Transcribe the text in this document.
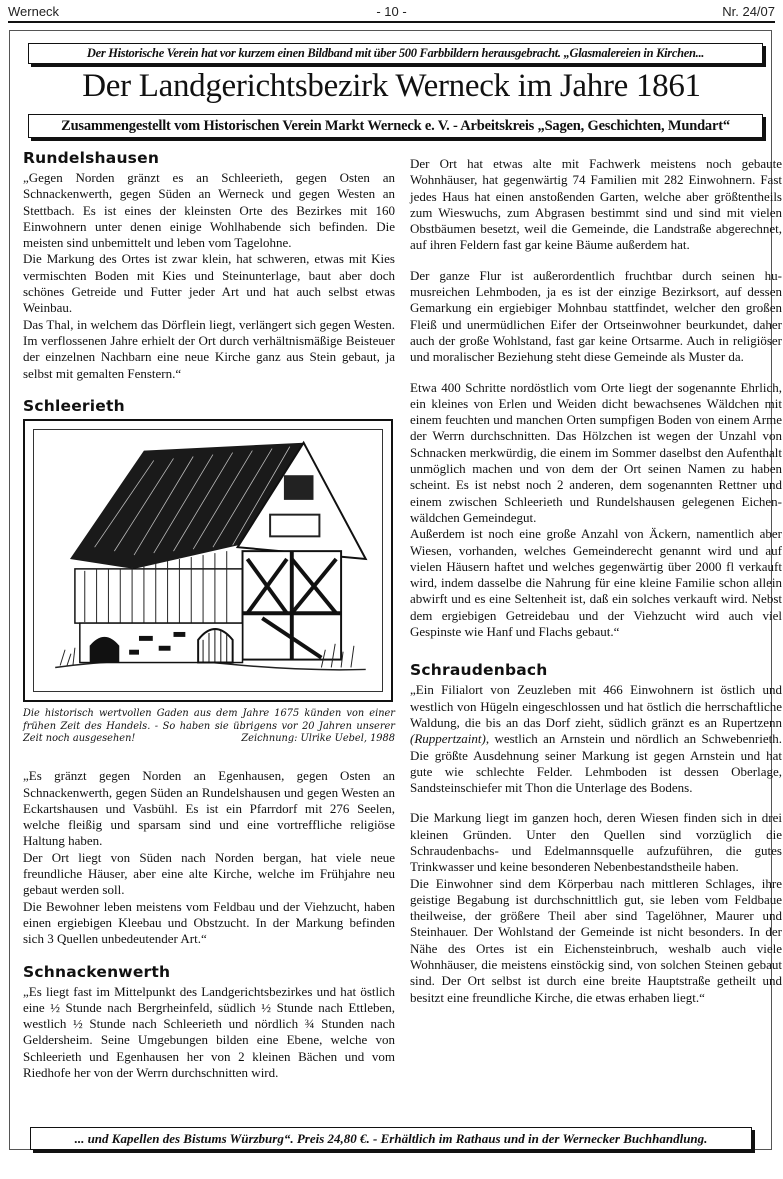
Werneck	- 10 -	Nr. 24/07
Der Historische Verein hat vor kurzem einen Bildband mit über 500 Farbbildern herausgebracht. „Glasmalereien in Kirchen...
Der Landgerichtsbezirk Werneck im Jahre 1861
Zusammengestellt vom Historischen Verein Markt Werneck e. V. - Arbeitskreis „Sagen, Geschichten, Mundart“
Rundelshausen

„Gegen Norden gränzt es an Schleerieth, gegen Osten an Schnackenwerth, gegen Süden an Werneck und gegen Westen an Stettbach. Es ist eines der kleinsten Orte des Bezirkes mit 160 Einwohnern unter denen einige Wohlhabende sich befinden. Die meisten sind unbemittelt und leben vom Tagelohne.

Die Markung des Ortes ist zwar klein, hat schweren, etwas mit Kies vermischten Boden mit Kies und Steinunterlage, baut aber doch schönes Getreide und Futter jeder Art und hat auch selbst etwas Weinbau.

Das Thal, in welchem das Dörflein liegt, verlängert sich gegen Westen. Im verflossenen Jahre erhielt der Ort durch verhältnismäßige Beisteuer der einzelnen Nachbarn eine neue Kirche ganz aus Stein gebaut, ja selbst mit gemalten Fenstern.“

Schleerieth
Die historisch wertvollen Gaden aus dem Jahre 1675 künden von einer frühen Zeit des Handels. - So haben sie übrigens vor 20 Jahren unserer Zeit noch ausgesehen!	Zeichnung: Ulrike Uebel, 1988

„Es gränzt gegen Norden an Egenhausen, gegen Osten an Schnackenwerth, gegen Süden an Rundelshausen und gegen Westen an Eckartshausen und Vasbühl. Es ist ein Pfarrdorf mit 276 Seelen, welche fleißig und sparsam sind und eine vortreffliche religiöse Haltung haben.

Der Ort liegt von Süden nach Norden bergan, hat viele neue freundliche Häuser, aber eine alte Kirche, welche im Frühjahre neu gebaut werden soll.

Die Bewohner leben meistens vom Feldbau und der Viehzucht, haben einen ergiebigen Kleebau und Obstzucht. In der Markung befinden sich 3 Quellen unbedeutender Art.“

Schnackenwerth

„Es liegt fast im Mittelpunkt des Landgerichtsbezirkes und hat östlich eine ½ Stunde nach Bergrheinfeld, südlich ½ Stunde nach Ettleben, westlich ½ Stunde nach Schleerieth und nördlich ¾ Stunden nach Geldersheim. Seine Umgebungen bilden eine Ebene, welche von Schleerieth und Egenhausen her von 2 kleinen Bächen und vom Riedhofe her von der Werrn durchschnitten wird.

Der Ort hat etwas alte mit Fachwerk meistens noch gebaute Wohnhäuser, hat gegenwärtig 74 Familien mit 282 Einwohnern. Fast jedes Haus hat einen anstoßenden Garten, welche aber größtentheils zum Wieswuchs, zum Abgrasen bestimmt sind und sind mit vielen Obstbäumen besetzt, weil die Gemeinde, die Landstraße abgerechnet, auf ihren Feldern fast gar keine Bäume außerdem hat.

Der ganze Flur ist außerordentlich fruchtbar durch seinen humusreichen Lehmboden, ja es ist der einzige Bezirksort, auf dessen Gemarkung ein ergiebiger Mohnbau stattfindet, welcher den großen Fleiß und unermüdlichen Eifer der Ortseinwohner beurkundet, daher auch der große Wohlstand, fast gar keine Ortsarme. Auch in religiöser und moralischer Beziehung steht diese Gemeinde als Muster da.

Etwa 400 Schritte nordöstlich vom Orte liegt der sogenannte Ehrlich, ein kleines von Erlen und Weiden dicht bewachsenes Wäldchen mit einem feuchten und manchen Orten sumpfigen Boden von einem Arme der Werrn durchschnitten. Das Hölzchen ist wegen der Unzahl von Schnacken merkwürdig, die einem im Sommer daselbst den Aufenthalt unmöglich machen und von dem der Ort seinen Namen zu haben scheint. Es ist nebst noch 2 anderen, dem sogenannten Rettner und einem zwischen Schleerieth und Rundelshausen gelegenen Eichenwäldchen Gemeindegut.

Außerdem ist noch eine große Anzahl von Äckern, namentlich aber Wiesen, vorhanden, welches Gemeinderecht genannt wird und auf vielen Häusern haftet und welches gegenwärtig über 2000 fl verkauft wird, indem dasselbe die Nahrung für eine kleine Familie schon allein abwirft und es eine Seltenheit ist, daß ein solches verkauft wird. Nebst dem ergiebigen Getreidebau und der Viehzucht wird auch viel Gespinste wie Hanf und Flachs gebaut.“

Schraudenbach

„Ein Filialort von Zeuzleben mit 466 Einwohnern ist östlich und westlich von Hügeln eingeschlossen und hat östlich die herrschaftliche Waldung, die bis an das Dorf zieht, südlich gränzt es an Rupertzenn (Ruppertzaint), westlich an Arnstein und nördlich an Schwebenrieth. Die größte Ausdehnung seiner Markung ist gegen Arnstein und hat gute wie schlechte Felder. Lehmboden ist dessen Oberlage, Sandsteinschiefer mit Thon die Unterlage des Bodens.

Die Markung liegt im ganzen hoch, deren Wiesen finden sich in drei kleinen Gründen. Unter den Quellen sind vorzüglich die Schraudenbachs- und Edelmannsquelle aufzuführen, die gutes Trinkwasser und keine besonderen Nebenbestandstheile haben.

Die Einwohner sind dem Körperbau nach mittleren Schlages, ihre geistige Begabung ist durchschnittlich gut, sie leben vom Feldbaue theilweise, der größere Theil aber sind Tagelöhner, Maurer und Steinhauer. Der Wohlstand der Gemeinde ist nicht besonders. In der Nähe des Ortes ist ein Eichensteinbruch, weshalb auch viele Wohnhäuser, die meistens einstöckig sind, von solchen Steinen gebaut sind. Der Ort selbst ist durch eine breite Hauptstraße getheilt und besitzt eine freundliche Kirche, die etwas erhaben liegt.“

... und Kapellen des Bistums Würzburg“. Preis 24,80 €. - Erhältlich im Rathaus und in der Wernecker Buchhandlung.
